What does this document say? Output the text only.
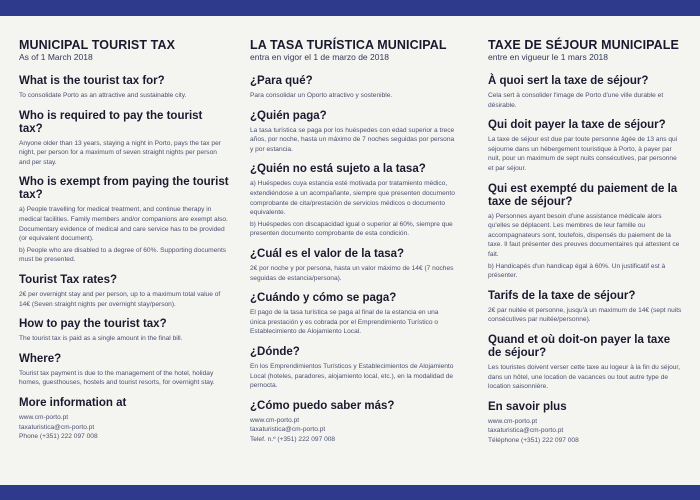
MUNICIPAL TOURIST TAX
As of 1 March 2018
What is the tourist tax for?
To consolidate Porto as an attractive and sustainable city.
Who is required to pay the tourist tax?
Anyone older than 13 years, staying a night in Porto, pays the tax per night, per person for a maximum of seven straight nights per person and per stay.
Who is exempt from paying the tourist tax?
a) People travelling for medical treatment, and continue therapy in medical facilities. Family members and/or companions are exempt also. Documentary evidence of medical and care service has to be provided (or equivalent document).
b) People who are disabled to a degree of 60%. Supporting documents must be presented.
Tourist Tax rates?
2€ per overnight stay and per person, up to a maximum total value of 14€ (Seven straight nights per overnight stay/person).
How to pay the tourist tax?
The tourist tax is paid as a single amount in the final bill.
Where?
Tourist tax payment is due to the management of the hotel, holiday homes, guesthouses, hostels and tourist resorts, for overnight stay.
More information at
www.cm-porto.pt
taxaturistica@cm-porto.pt
Phone (+351) 222 097 008
LA TASA TURÍSTICA MUNICIPAL
entra en vigor el 1 de marzo de 2018
¿Para qué?
Para consolidar un Oporto atractivo y sostenible.
¿Quién paga?
La tasa turística se paga por los huéspedes con edad superior a trece años, por noche, hasta un máximo de 7 noches seguidas por persona y por estancia.
¿Quién no está sujeto a la tasa?
a) Huéspedes cuya estancia esté motivada por tratamiento médico, extendiéndose a un acompañante, siempre que presenten documento comprobante de cita/prestación de servicios médicos o documento equivalente.
b) Huéspedes con discapacidad igual o superior al 60%, siempre que presenten documento comprobante de esta condición.
¿Cuál es el valor de la tasa?
2€ por noche y por persona, hasta un valor máximo de 14€ (7 noches seguidas de estancia/persona).
¿Cuándo y cómo se paga?
El pago de la tasa turística se paga al final de la estancia en una única prestación y es cobrada por el Emprendimiento Turístico o Establecimiento de Alojamiento Local.
¿Dónde?
En los Emprendimientos Turísticos y Establecimientos de Alojamiento Local (hoteles, paradores, alojamiento local, etc.), en la modalidad de pernocta.
¿Cómo puedo saber más?
www.cm-porto.pt
taxaturistica@cm-porto.pt
Telef. n.º (+351) 222 097 008
TAXE DE SÉJOUR MUNICIPALE
entre en vigueur le 1 mars 2018
À quoi sert la taxe de séjour?
Cela sert à consolider l'image de Porto d'une ville durable et désirable.
Qui doit payer la taxe de séjour?
La taxe de séjour est due par toute personne âgée de 13 ans qui séjourne dans un hébergement touristique à Porto, à payer par nuit, pour un maximum de sept nuits consécutives, par personne et par séjour.
Qui est exempté du paiement de la taxe de séjour?
a) Personnes ayant besoin d'une assistance médicale alors qu'elles se déplacent. Les membres de leur famille ou accompagnateurs sont, toutefois, dispensés du paiement de la taxe. Il faut présenter des preuves documentaires qui attestent ce fait.
b) Handicapés d'un handicap égal à 60%. Un justificatif est à présenter.
Tarifs de la taxe de séjour?
2€ par nuitée et personne, jusqu'à un maximum de 14€ (sept nuits consécutives par nuitée/personne).
Quand et où doit-on payer la taxe de séjour?
Les touristes doivent verser cette taxe au logeur à la fin du séjour, dans un hôtel, une location de vacances ou tout autre type de location saisonnière.
En savoir plus
www.cm-porto.pt
taxaturistica@cm-porto.pt
Téléphone (+351) 222 097 008
